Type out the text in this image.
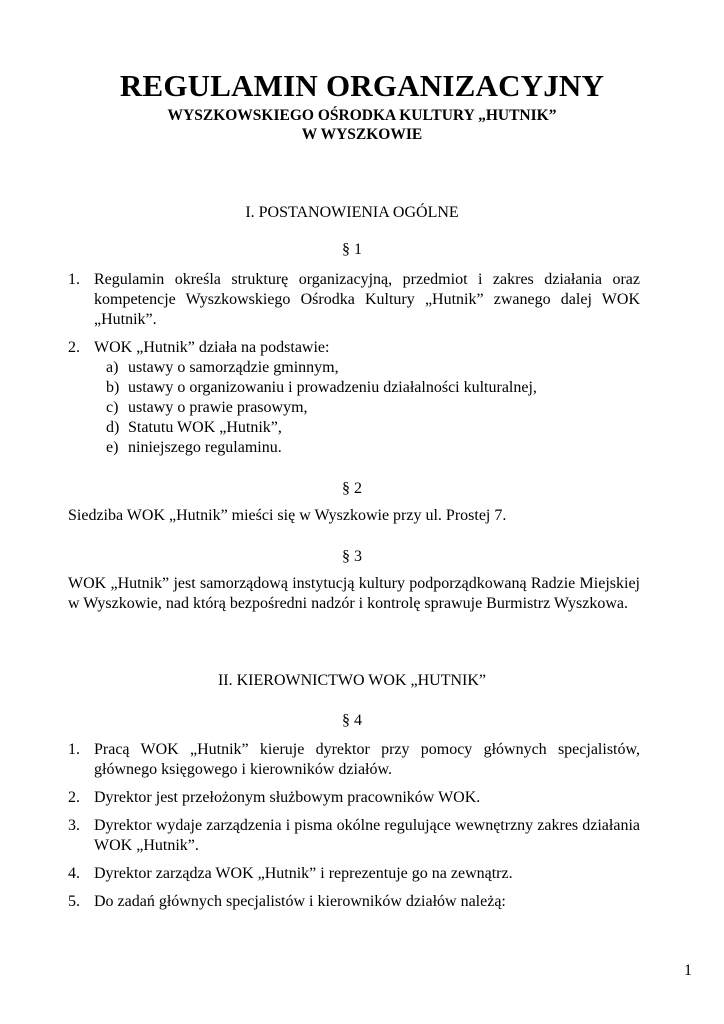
REGULAMIN ORGANIZACYJNY
WYSZKOWSKIEGO OŚRODKA KULTURY „HUTNIK”
W WYSZKOWIE
I. POSTANOWIENIA OGÓLNE
§ 1
1. Regulamin określa strukturę organizacyjną, przedmiot i zakres działania oraz kompetencje Wyszkowskiego Ośrodka Kultury „Hutnik” zwanego dalej WOK „Hutnik”.
2. WOK „Hutnik” działa na podstawie:
a) ustawy o samorządzie gminnym,
b) ustawy o organizowaniu i prowadzeniu działalności kulturalnej,
c) ustawy o prawie prasowym,
d) Statutu WOK „Hutnik”,
e) niniejszego regulaminu.
§ 2
Siedziba WOK „Hutnik” mieści się w Wyszkowie przy ul. Prostej 7.
§ 3
WOK „Hutnik” jest samorządową instytucją kultury podporządkowaną Radzie Miejskiej w Wyszkowie, nad którą bezpośredni nadzór i kontrolę sprawuje Burmistrz Wyszkowa.
II. KIEROWNICTWO WOK „HUTNIK”
§ 4
1. Pracą WOK „Hutnik” kieruje dyrektor przy pomocy głównych specjalistów, głównego księgowego i kierowników działów.
2. Dyrektor jest przełożonym służbowym pracowników WOK.
3. Dyrektor wydaje zarządzenia i pisma okólne regulujące wewnętrzny zakres działania WOK „Hutnik”.
4. Dyrektor zarządza WOK „Hutnik” i reprezentuje go na zewnątrz.
5. Do zadań głównych specjalistów i kierowników działów należą:
1
